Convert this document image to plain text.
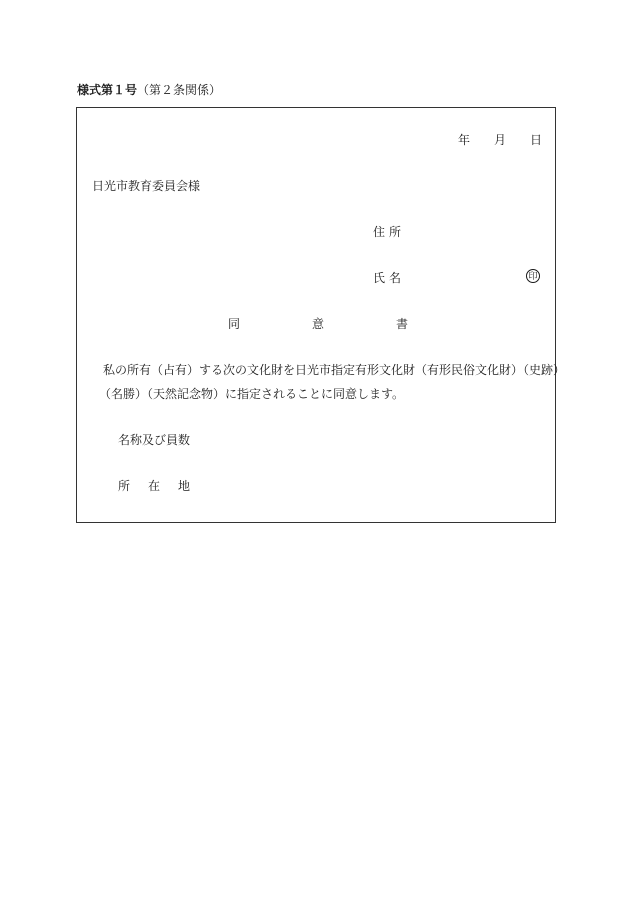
様式第１号（第２条関係）
年 月 日
日光市教育委員会様
住所
氏名	印
同	意	書
私の所有（占有）する次の文化財を日光市指定有形文化財（有形民俗文化財）（史跡）
（名勝）（天然記念物）に指定されることに同意します。
名称及び員数
所 在 地
